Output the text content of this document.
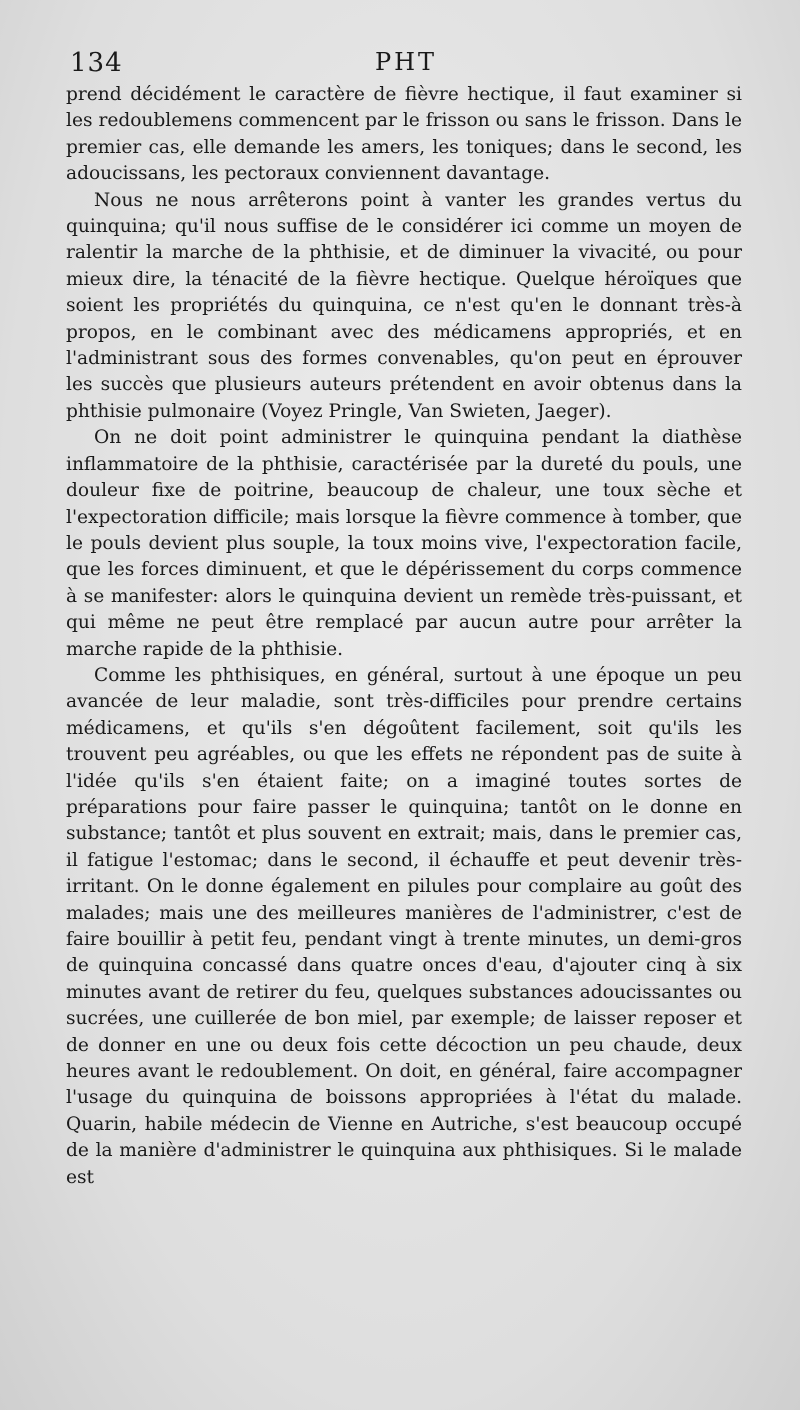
134	PHT

prend décidément le caractère de fièvre hectique, il faut examiner si les redoublemens commencent par le frisson ou sans le frisson. Dans le premier cas, elle demande les amers, les toniques; dans le second, les adoucissans, les pectoraux conviennent davantage.

Nous ne nous arrêterons point à vanter les grandes vertus du quinquina; qu'il nous suffise de le considérer ici comme un moyen de ralentir la marche de la phthisie, et de diminuer la vivacité, ou pour mieux dire, la ténacité de la fièvre hectique. Quelque héroïques que soient les propriétés du quinquina, ce n'est qu'en le donnant très-à propos, en le combinant avec des médicamens appropriés, et en l'administrant sous des formes convenables, qu'on peut en éprouver les succès que plusieurs auteurs prétendent en avoir obtenus dans la phthisie pulmonaire (Voyez Pringle, Van Swieten, Jaeger).

On ne doit point administrer le quinquina pendant la diathèse inflammatoire de la phthisie, caractérisée par la dureté du pouls, une douleur fixe de poitrine, beaucoup de chaleur, une toux sèche et l'expectoration difficile; mais lorsque la fièvre commence à tomber, que le pouls devient plus souple, la toux moins vive, l'expectoration facile, que les forces diminuent, et que le dépérissement du corps commence à se manifester: alors le quinquina devient un remède très-puissant, et qui même ne peut être remplacé par aucun autre pour arrêter la marche rapide de la phthisie.

Comme les phthisiques, en général, surtout à une époque un peu avancée de leur maladie, sont très-difficiles pour prendre certains médicamens, et qu'ils s'en dégoûtent facilement, soit qu'ils les trouvent peu agréables, ou que les effets ne répondent pas de suite à l'idée qu'ils s'en étaient faite; on a imaginé toutes sortes de préparations pour faire passer le quinquina; tantôt on le donne en substance; tantôt et plus souvent en extrait; mais, dans le premier cas, il fatigue l'estomac; dans le second, il échauffe et peut devenir très-irritant. On le donne également en pilules pour complaire au goût des malades; mais une des meilleures manières de l'administrer, c'est de faire bouillir à petit feu, pendant vingt à trente minutes, un demi-gros de quinquina concassé dans quatre onces d'eau, d'ajouter cinq à six minutes avant de retirer du feu, quelques substances adoucissantes ou sucrées, une cuillerée de bon miel, par exemple; de laisser reposer et de donner en une ou deux fois cette décoction un peu chaude, deux heures avant le redoublement. On doit, en général, faire accompagner l'usage du quinquina de boissons appropriées à l'état du malade. Quarin, habile médecin de Vienne en Autriche, s'est beaucoup occupé de la manière d'administrer le quinquina aux phthisiques. Si le malade est
